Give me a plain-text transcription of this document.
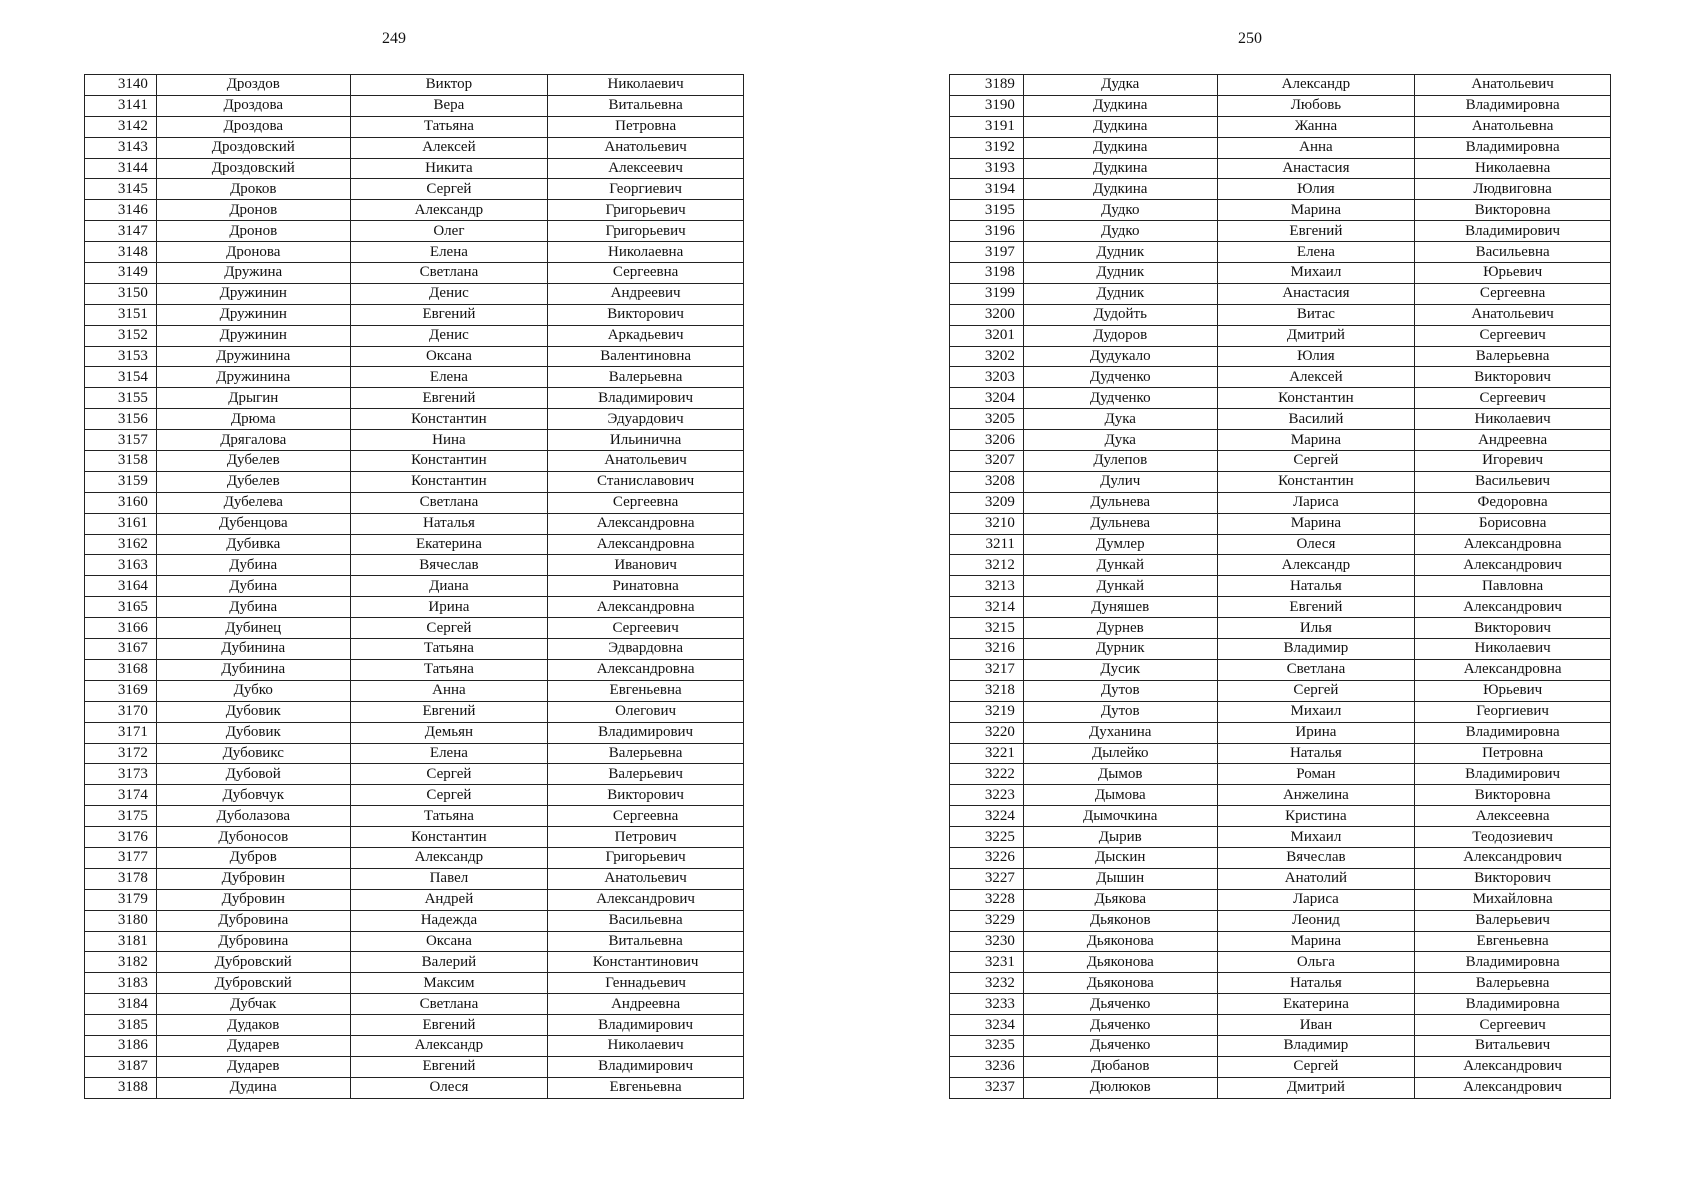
249
3140	Дроздов	Виктор	Николаевич
3141	Дроздова	Вера	Витальевна
3142	Дроздова	Татьяна	Петровна
3143	Дроздовский	Алексей	Анатольевич
3144	Дроздовский	Никита	Алексеевич
3145	Дроков	Сергей	Георгиевич
3146	Дронов	Александр	Григорьевич
3147	Дронов	Олег	Григорьевич
3148	Дронова	Елена	Николаевна
3149	Дружина	Светлана	Сергеевна
3150	Дружинин	Денис	Андреевич
3151	Дружинин	Евгений	Викторович
3152	Дружинин	Денис	Аркадьевич
3153	Дружинина	Оксана	Валентиновна
3154	Дружинина	Елена	Валерьевна
3155	Дрыгин	Евгений	Владимирович
3156	Дрюма	Константин	Эдуардович
3157	Дрягалова	Нина	Ильинична
3158	Дубелев	Константин	Анатольевич
3159	Дубелев	Константин	Станиславович
3160	Дубелева	Светлана	Сергеевна
3161	Дубенцова	Наталья	Александровна
3162	Дубивка	Екатерина	Александровна
3163	Дубина	Вячеслав	Иванович
3164	Дубина	Диана	Ринатовна
3165	Дубина	Ирина	Александровна
3166	Дубинец	Сергей	Сергеевич
3167	Дубинина	Татьяна	Эдвардовна
3168	Дубинина	Татьяна	Александровна
3169	Дубко	Анна	Евгеньевна
3170	Дубовик	Евгений	Олегович
3171	Дубовик	Демьян	Владимирович
3172	Дубовикс	Елена	Валерьевна
3173	Дубовой	Сергей	Валерьевич
3174	Дубовчук	Сергей	Викторович
3175	Дуболазова	Татьяна	Сергеевна
3176	Дубоносов	Константин	Петрович
3177	Дубров	Александр	Григорьевич
3178	Дубровин	Павел	Анатольевич
3179	Дубровин	Андрей	Александрович
3180	Дубровина	Надежда	Васильевна
3181	Дубровина	Оксана	Витальевна
3182	Дубровский	Валерий	Константинович
3183	Дубровский	Максим	Геннадьевич
3184	Дубчак	Светлана	Андреевна
3185	Дудаков	Евгений	Владимирович
3186	Дударев	Александр	Николаевич
3187	Дударев	Евгений	Владимирович
3188	Дудина	Олеся	Евгеньевна
250
3189	Дудка	Александр	Анатольевич
3190	Дудкина	Любовь	Владимировна
3191	Дудкина	Жанна	Анатольевна
3192	Дудкина	Анна	Владимировна
3193	Дудкина	Анастасия	Николаевна
3194	Дудкина	Юлия	Людвиговна
3195	Дудко	Марина	Викторовна
3196	Дудко	Евгений	Владимирович
3197	Дудник	Елена	Васильевна
3198	Дудник	Михаил	Юрьевич
3199	Дудник	Анастасия	Сергеевна
3200	Дудойть	Витас	Анатольевич
3201	Дудоров	Дмитрий	Сергеевич
3202	Дудукало	Юлия	Валерьевна
3203	Дудченко	Алексей	Викторович
3204	Дудченко	Константин	Сергеевич
3205	Дука	Василий	Николаевич
3206	Дука	Марина	Андреевна
3207	Дулепов	Сергей	Игоревич
3208	Дулич	Константин	Васильевич
3209	Дульнева	Лариса	Федоровна
3210	Дульнева	Марина	Борисовна
3211	Думлер	Олеся	Александровна
3212	Дункай	Александр	Александрович
3213	Дункай	Наталья	Павловна
3214	Дуняшев	Евгений	Александрович
3215	Дурнев	Илья	Викторович
3216	Дурник	Владимир	Николаевич
3217	Дусик	Светлана	Александровна
3218	Дутов	Сергей	Юрьевич
3219	Дутов	Михаил	Георгиевич
3220	Духанина	Ирина	Владимировна
3221	Дылейко	Наталья	Петровна
3222	Дымов	Роман	Владимирович
3223	Дымова	Анжелина	Викторовна
3224	Дымочкина	Кристина	Алексеевна
3225	Дырив	Михаил	Теодозиевич
3226	Дыскин	Вячеслав	Александрович
3227	Дышин	Анатолий	Викторович
3228	Дьякова	Лариса	Михайловна
3229	Дьяконов	Леонид	Валерьевич
3230	Дьяконова	Марина	Евгеньевна
3231	Дьяконова	Ольга	Владимировна
3232	Дьяконова	Наталья	Валерьевна
3233	Дьяченко	Екатерина	Владимировна
3234	Дьяченко	Иван	Сергеевич
3235	Дьяченко	Владимир	Витальевич
3236	Дюбанов	Сергей	Александрович
3237	Дюлюков	Дмитрий	Александрович
